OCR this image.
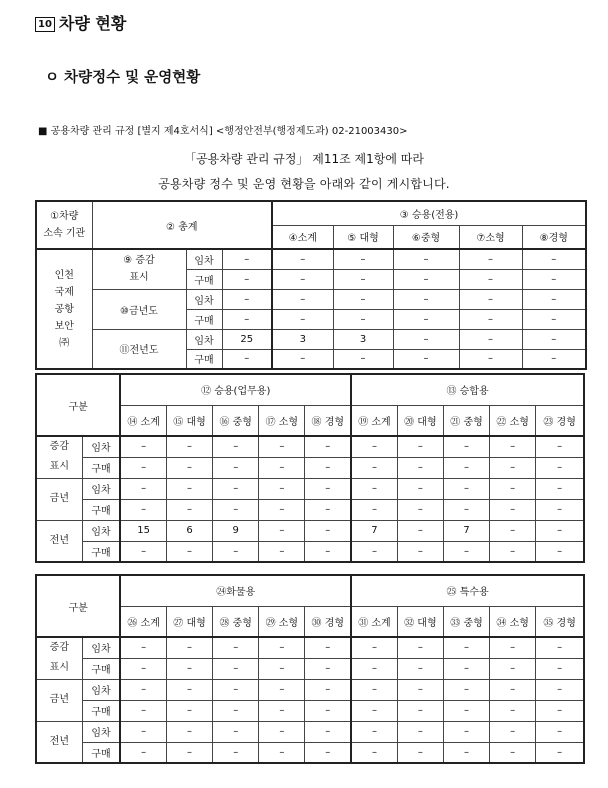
10 차량 현황
ㅇ 차량정수 및 운영현황
■ 공용차량 관리 규정 [별지 제4호서식] <행정안전부(행정제도과) 02-21003430>
「공용차량 관리 규정」 제11조 제1항에 따라
공용차량 정수 및 운영 현황을 아래와 같이 게시합니다.
①차량
소속 기관	② 총계			③ 승용(전용)				
				④소계	⑤ 대형	⑥중형	⑦소형	⑧경형
인천
국제
공항
보안
㈜	⑨ 증감
표시	임차	–	–	–	–	–	–
		구매	–	–	–	–	–	–
	⑩금년도	임차	–	–	–	–	–	–
		구매	–	–	–	–	–	–
	⑪전년도	임차	25	3	3	–	–	–
		구매	–	–	–	–	–	–
구분		⑫ 승용(업무용)					⑬ 승합용				
		⑭ 소계	⑮ 대형	⑯ 중형	⑰ 소형	⑱ 경형	⑲ 소계	⑳ 대형	㉑ 중형	㉒ 소형	㉓ 경형
증감
표시	임차	–	–	–	–	–	–	–	–	–	–
	구매	–	–	–	–	–	–	–	–	–	–
금년	임차	–	–	–	–	–	–	–	–	–	–
	구매	–	–	–	–	–	–	–	–	–	–
전년	임차	15	6	9	–	–	7	–	7	–	–
	구매	–	–	–	–	–	–	–	–	–	–
구분		㉔화물용					㉕ 특수용				
		㉖ 소계	㉗ 대형	㉘ 중형	㉙ 소형	㉚ 경형	㉛ 소계	㉜ 대형	㉝ 중형	㉞ 소형	㉟ 경형
증감
표시	임차	–	–	–	–	–	–	–	–	–	–
	구매	–	–	–	–	–	–	–	–	–	–
금년	임차	–	–	–	–	–	–	–	–	–	–
	구매	–	–	–	–	–	–	–	–	–	–
전년	임차	–	–	–	–	–	–	–	–	–	–
	구매	–	–	–	–	–	–	–	–	–	–
